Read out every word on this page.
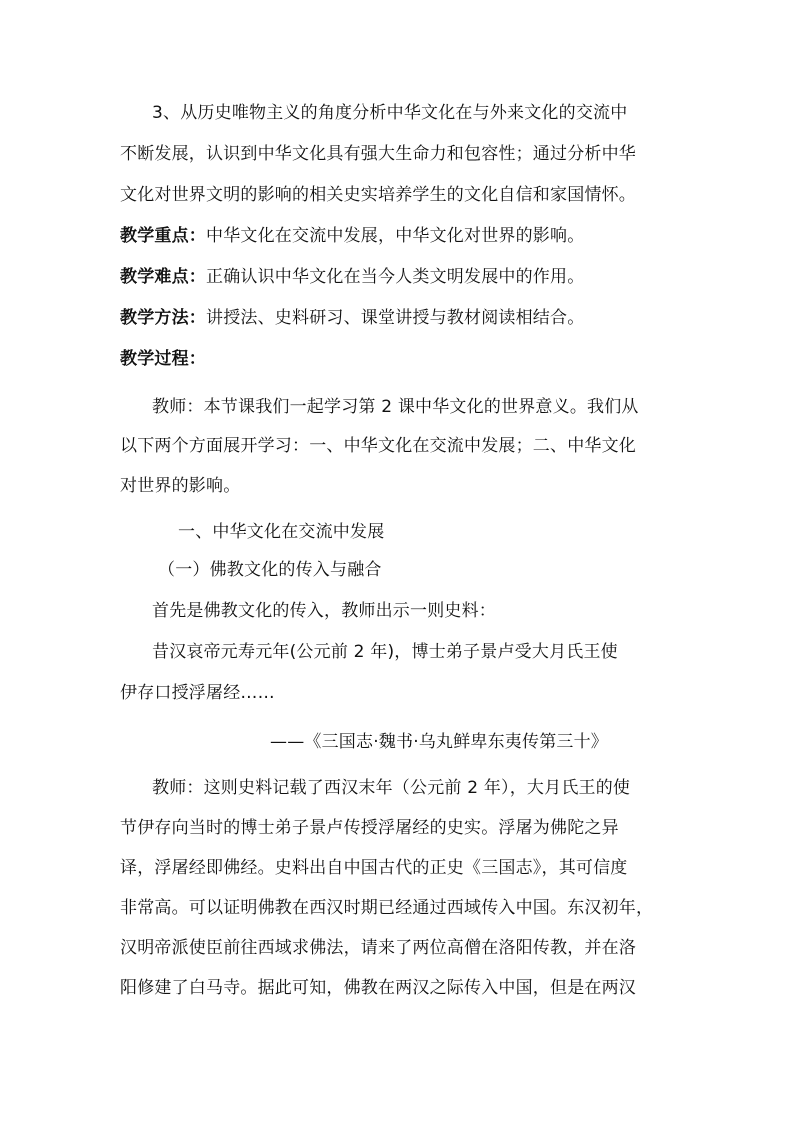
3、从历史唯物主义的角度分析中华文化在与外来文化的交流中
不断发展，认识到中华文化具有强大生命力和包容性；通过分析中华
文化对世界文明的影响的相关史实培养学生的文化自信和家国情怀。
教学重点：中华文化在交流中发展，中华文化对世界的影响。
教学难点：正确认识中华文化在当今人类文明发展中的作用。
教学方法：讲授法、史料研习、课堂讲授与教材阅读相结合。
教学过程：
教师：本节课我们一起学习第 2 课中华文化的世界意义。我们从
以下两个方面展开学习：一、中华文化在交流中发展；二、中华文化
对世界的影响。
一、中华文化在交流中发展
（一）佛教文化的传入与融合
首先是佛教文化的传入，教师出示一则史料：
昔汉哀帝元寿元年(公元前 2 年)，博士弟子景卢受大月氏王使
伊存口授浮屠经……
——《三国志·魏书·乌丸鲜卑东夷传第三十》
教师：这则史料记载了西汉末年（公元前 2 年），大月氏王的使
节伊存向当时的博士弟子景卢传授浮屠经的史实。浮屠为佛陀之异
译，浮屠经即佛经。史料出自中国古代的正史《三国志》，其可信度
非常高。可以证明佛教在西汉时期已经通过西域传入中国。东汉初年，
汉明帝派使臣前往西域求佛法，请来了两位高僧在洛阳传教，并在洛
阳修建了白马寺。据此可知，佛教在两汉之际传入中国，但是在两汉
